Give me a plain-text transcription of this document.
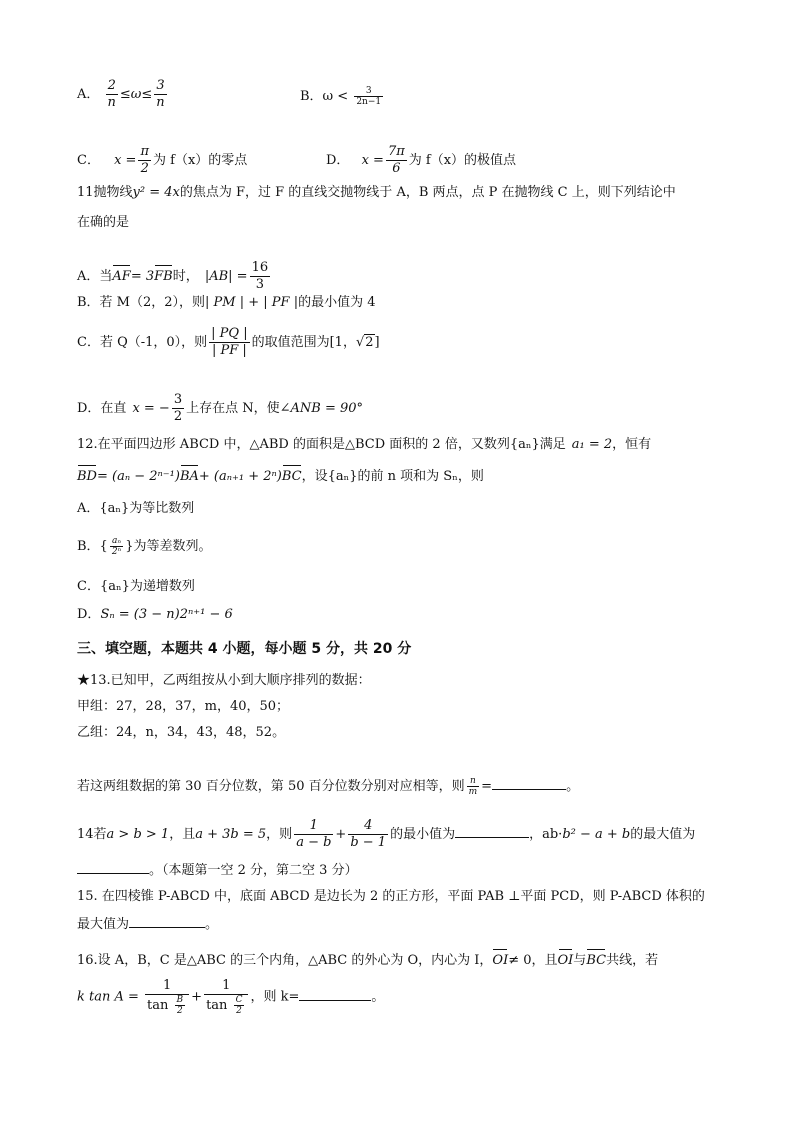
A． $\frac{2}{n} \le\omega\le \frac{3}{n}$	B．$\omega < \frac{3}{2n-1}$
C． $x = \frac{\pi}{2}$ 为 f（x）的零点	D． $x = \frac{7\pi}{6}$ 为 f（x）的极值点
11抛物线y² = 4x的焦点为 F，过 F 的直线交抛物线于 A，B 两点，点 P 在抛物线 C 上，则下列结论中
在确的是
A．当AF= 3FB时， $|AB| = \frac{16}{3}$
B．若 M（2，2），则| PM | + | PF |的最小值为 4
C．若 Q（-1，0），则 $\frac{| PQ |}{| PF |}$ 的取值范围为[1，√2]
D．在直 x = − $\frac{3}{2}$ 上存在点 N，使∠ANB = 90°
12.在平面四边形 ABCD 中，△ABD 的面积是△BCD 面积的 2 倍，又数列{aₙ}满足 a₁ = 2，恒有
BD= (aₙ − 2ⁿ⁻¹)BA+ (aₙ₊₁ + 2ⁿ)BC，设{aₙ}的前 n 项和为 Sₙ，则
A．{aₙ}为等比数列
B．{ $\frac{\text{aₙ}}{\text{2ⁿ}}$ }为等差数列。
C．{aₙ}为递增数列
D．Sₙ = (3 − n)2ⁿ⁺¹ − 6
三、填空题，本题共 4 小题，每小题 5 分，共 20 分
★13.已知甲，乙两组按从小到大顺序排列的数据：
甲组：27，28，37，m，40，50；
乙组：24，n，34，43，48，52。
若这两组数据的第 30 百分位数，第 50 百分位数分别对应相等，则 $\frac{n}{m}$ =	。
14若a > b > 1，且a + 3b = 5，则 $\frac{1}{a - b} + \frac{4}{b - 1}$ 的最小值为	，ab·b² − a + b的最大值为
。（本题第一空 2 分，第二空 3 分）
15. 在四棱锥 P-ABCD 中，底面 ABCD 是边长为 2 的正方形，平面 PAB ⊥平面 PCD，则 P-ABCD 体积的
最大值为	。
16.设 A，B，C 是△ABC 的三个内角，△ABC 的外心为 O，内心为 I，OI≠ 0，且OI与BC共线，若
k $\tan A = \frac{1}{\tan \frac{B}{2}} + \frac{1}{\tan \frac{C}{2}}$ ，则 k=	。
